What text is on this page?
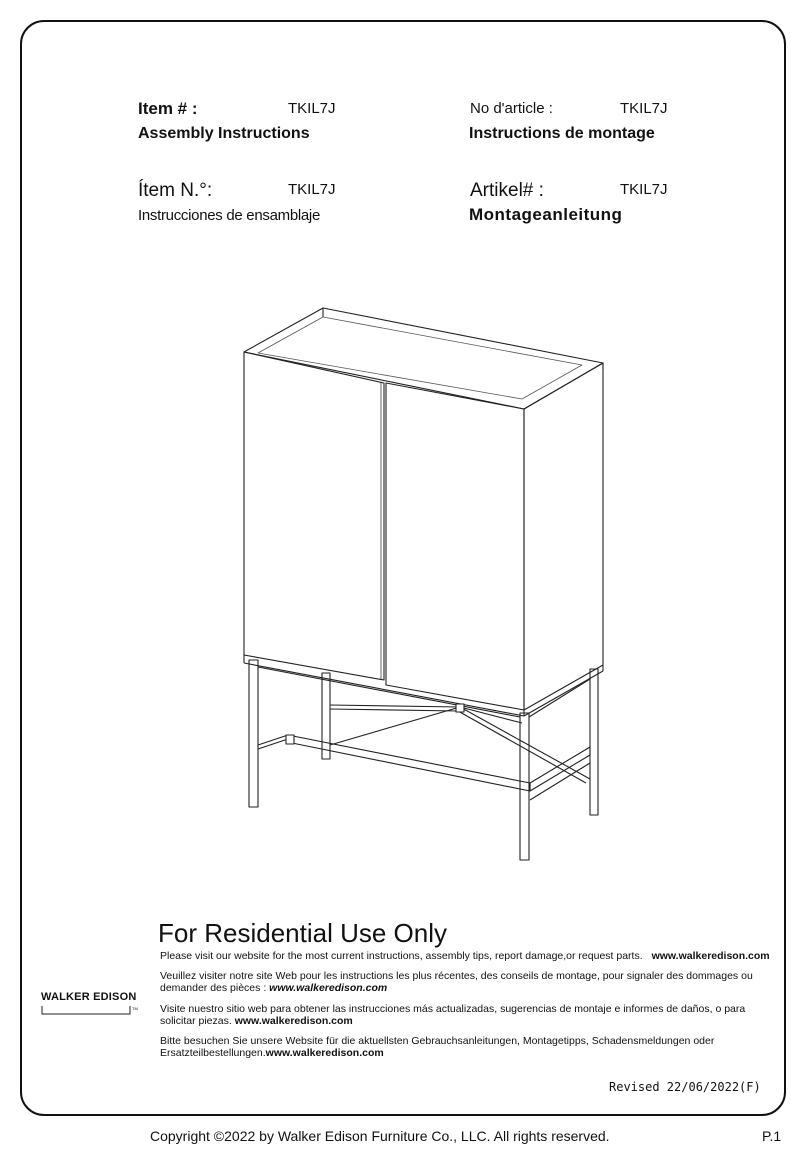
Item # :	TKIL7J
Assembly Instructions
No d'article :	TKIL7J
Instructions de montage
Ítem N.°:	TKIL7J
Instrucciones de ensamblaje
Artikel# :	TKIL7J
Montageanleitung
For Residential Use Only
Please visit our website for the most current instructions, assembly tips, report damage,or request parts. www.walkeredison.com
Veuillez visiter notre site Web pour les instructions les plus récentes, des conseils de montage, pour signaler des dommages ou demander des pièces : www.walkeredison.com
Visite nuestro sitio web para obtener las instrucciones más actualizadas, sugerencias de montaje e informes de daños, o para solicitar piezas. www.walkeredison.com
Bitte besuchen Sie unsere Website für die aktuellsten Gebrauchsanleitungen, Montagetipps, Schadensmeldungen oder Ersatzteilbestellungen.www.walkeredison.com
WALKER EDISON
TM
Revised 22/06/2022(F)
Copyright ©2022 by Walker Edison Furniture Co., LLC. All rights reserved.	P.1
